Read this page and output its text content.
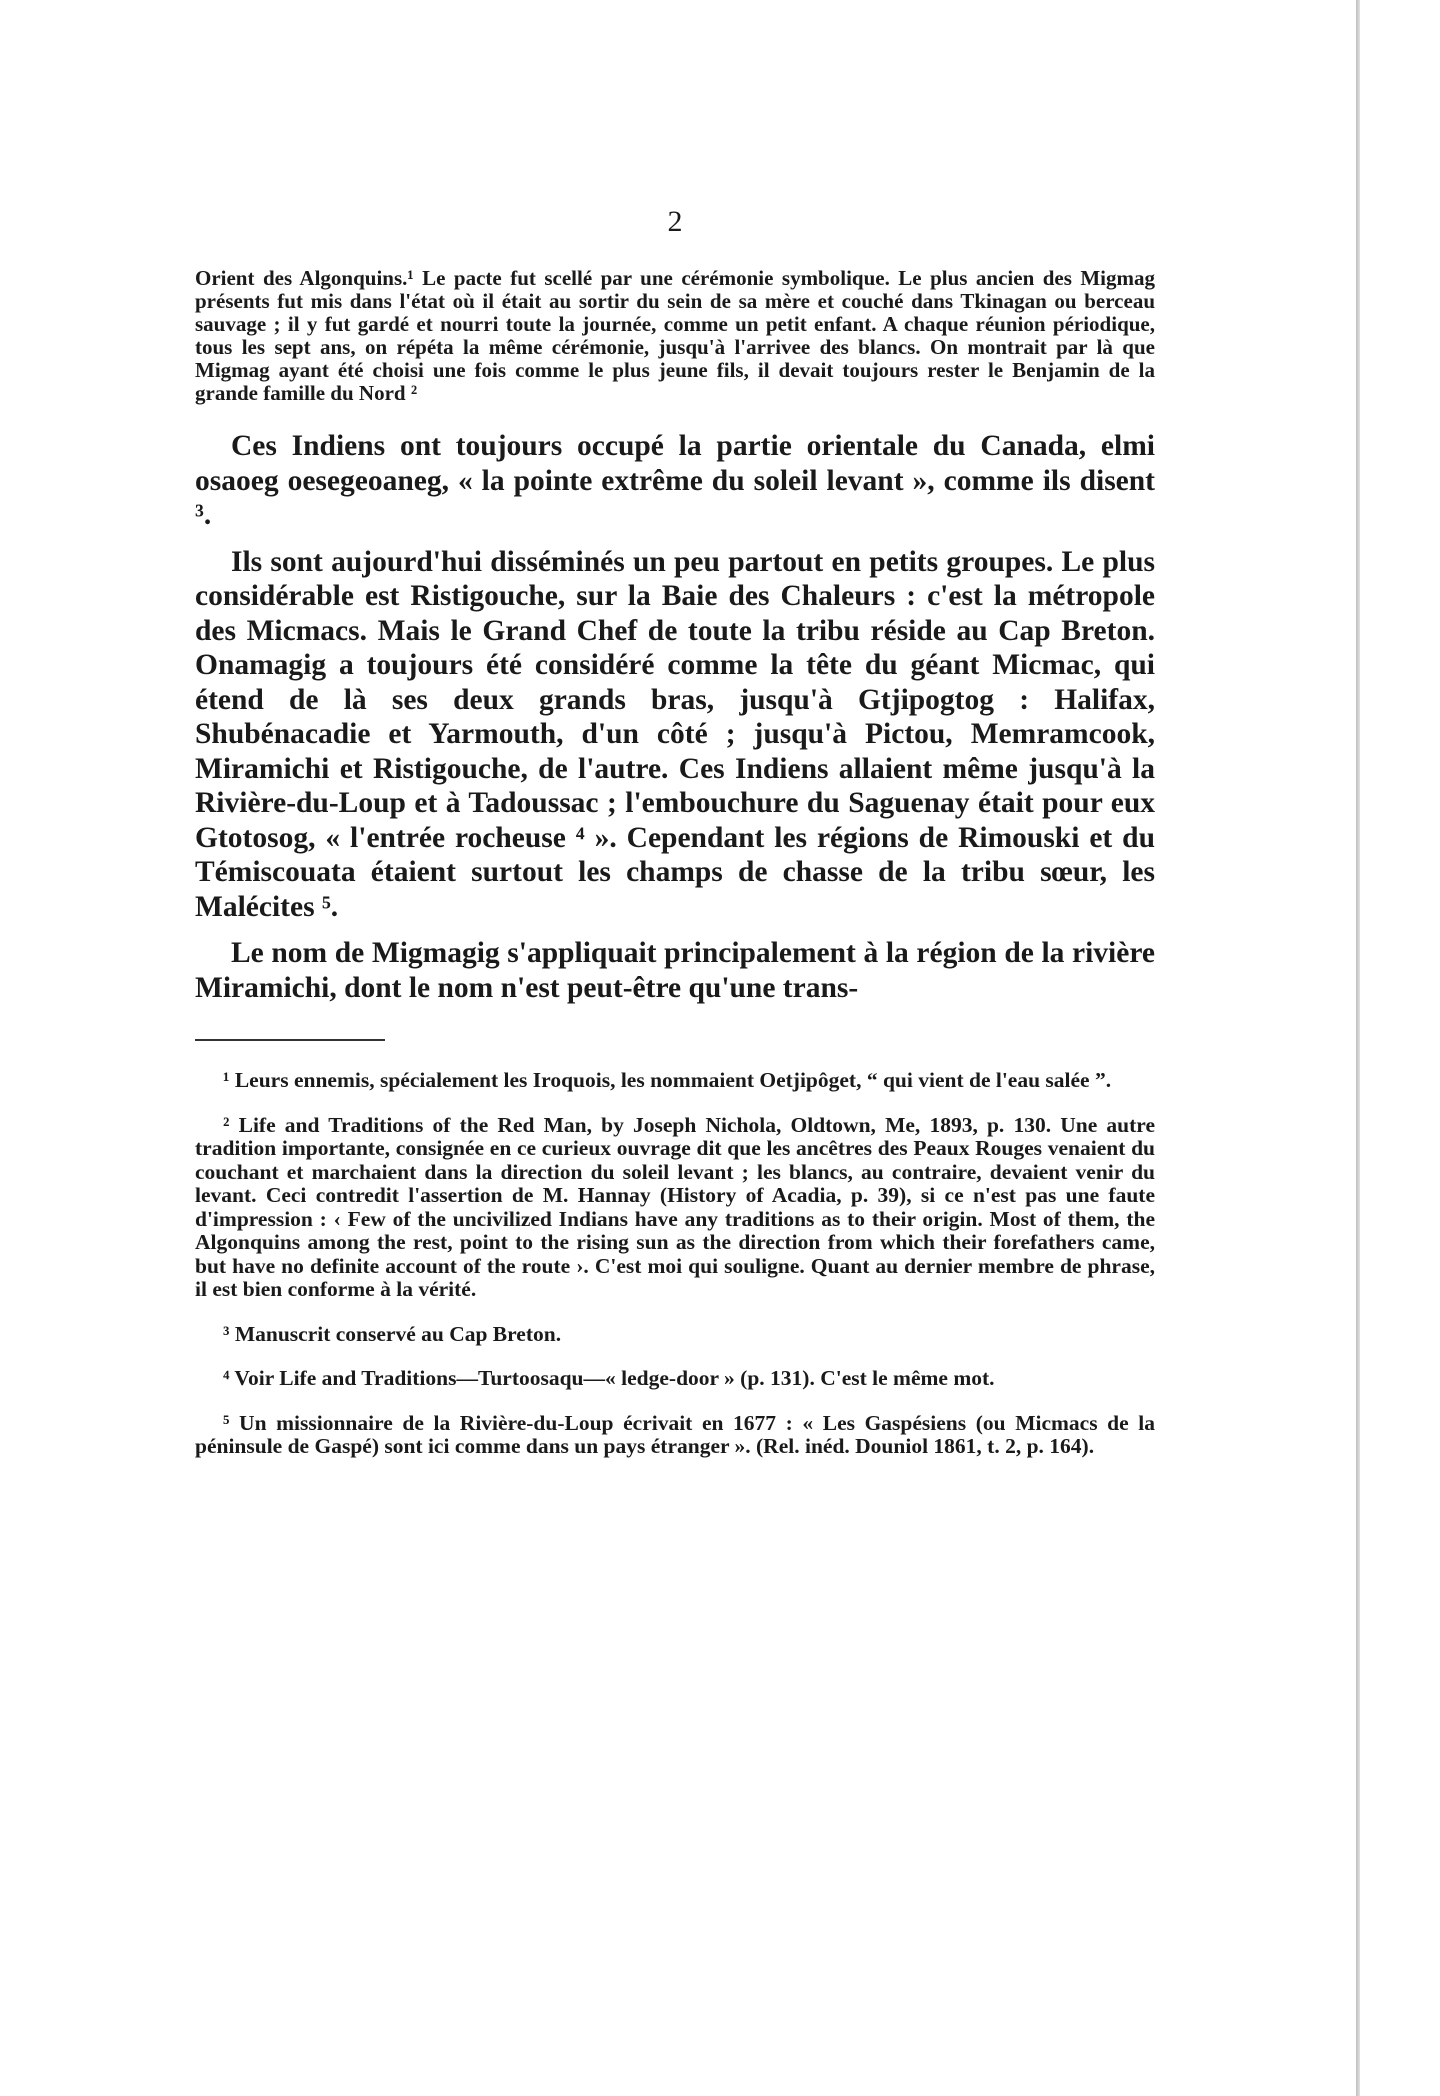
2

Orient des Algonquins.¹ Le pacte fut scellé par une cérémonie symbolique. Le plus ancien des Migmag présents fut mis dans l'état où il était au sortir du sein de sa mère et couché dans Tkinagan ou berceau sauvage ; il y fut gardé et nourri toute la journée, comme un petit enfant. A chaque réunion périodique, tous les sept ans, on répéta la même cérémonie, jusqu'à l'arrivee des blancs. On montrait par là que Migmag ayant été choisi une fois comme le plus jeune fils, il devait toujours rester le Benjamin de la grande famille du Nord ²

Ces Indiens ont toujours occupé la partie orientale du Canada, elmi osaoeg oesegeoaneg, « la pointe extrême du soleil levant », comme ils disent ³.

Ils sont aujourd'hui disséminés un peu partout en petits groupes. Le plus considérable est Ristigouche, sur la Baie des Chaleurs : c'est la métropole des Micmacs. Mais le Grand Chef de toute la tribu réside au Cap Breton. Onamagig a toujours été considéré comme la tête du géant Micmac, qui étend de là ses deux grands bras, jusqu'à Gtjipogtog : Halifax, Shubénacadie et Yarmouth, d'un côté ; jusqu'à Pictou, Memramcook, Miramichi et Ristigouche, de l'autre. Ces Indiens allaient même jusqu'à la Rivière-du-Loup et à Tadoussac ; l'embouchure du Saguenay était pour eux Gtotosog, « l'entrée rocheuse ⁴ ». Cependant les régions de Rimouski et du Témiscouata étaient surtout les champs de chasse de la tribu sœur, les Malécites ⁵.

Le nom de Migmagig s'appliquait principalement à la région de la rivière Miramichi, dont le nom n'est peut-être qu'une trans-

¹ Leurs ennemis, spécialement les Iroquois, les nommaient Oetjipôget, “ qui vient de l'eau salée ”.

² Life and Traditions of the Red Man, by Joseph Nichola, Oldtown, Me, 1893, p. 130. Une autre tradition importante, consignée en ce curieux ouvrage dit que les ancêtres des Peaux Rouges venaient du couchant et marchaient dans la direction du soleil levant ; les blancs, au contraire, devaient venir du levant. Ceci contredit l'assertion de M. Hannay (History of Acadia, p. 39), si ce n'est pas une faute d'impression : ‹ Few of the uncivilized Indians have any traditions as to their origin. Most of them, the Algonquins among the rest, point to the rising sun as the direction from which their forefathers came, but have no definite account of the route ›. C'est moi qui souligne. Quant au dernier membre de phrase, il est bien conforme à la vérité.

³ Manuscrit conservé au Cap Breton.

⁴ Voir Life and Traditions—Turtoosaqu—« ledge-door » (p. 131). C'est le même mot.

⁵ Un missionnaire de la Rivière-du-Loup écrivait en 1677 : « Les Gaspésiens (ou Micmacs de la péninsule de Gaspé) sont ici comme dans un pays étranger ». (Rel. inéd. Douniol 1861, t. 2, p. 164).
